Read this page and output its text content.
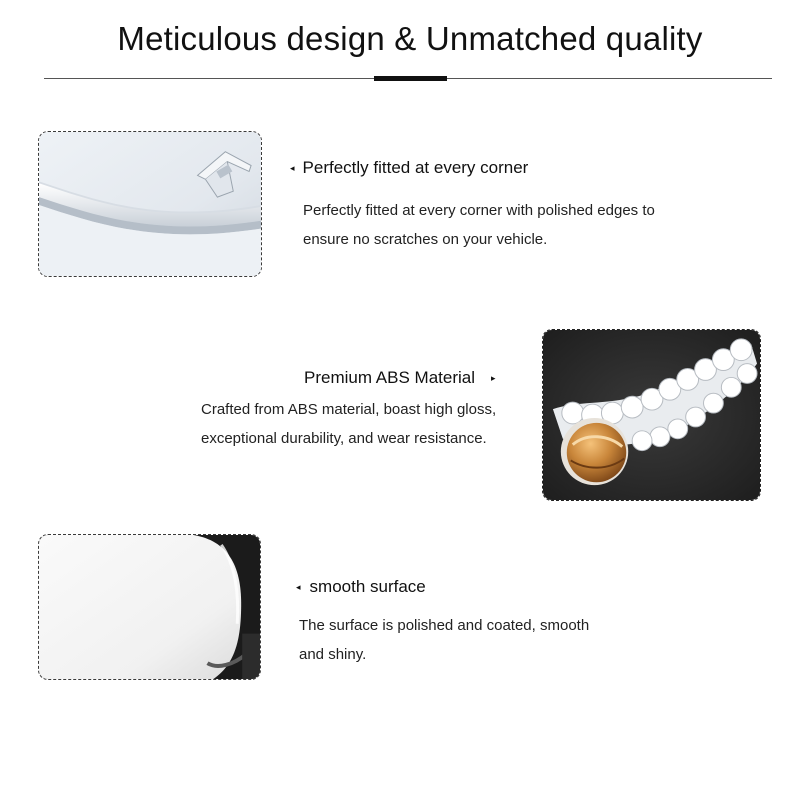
Meticulous design & Unmatched quality
◂ Perfectly fitted at every corner
Perfectly fitted at every corner with polished edges to ensure no scratches on your vehicle.
Premium ABS Material ▸
Crafted from ABS material, boast high gloss, exceptional durability, and wear resistance.
◂ smooth surface
The surface is polished and coated, smooth and shiny.
